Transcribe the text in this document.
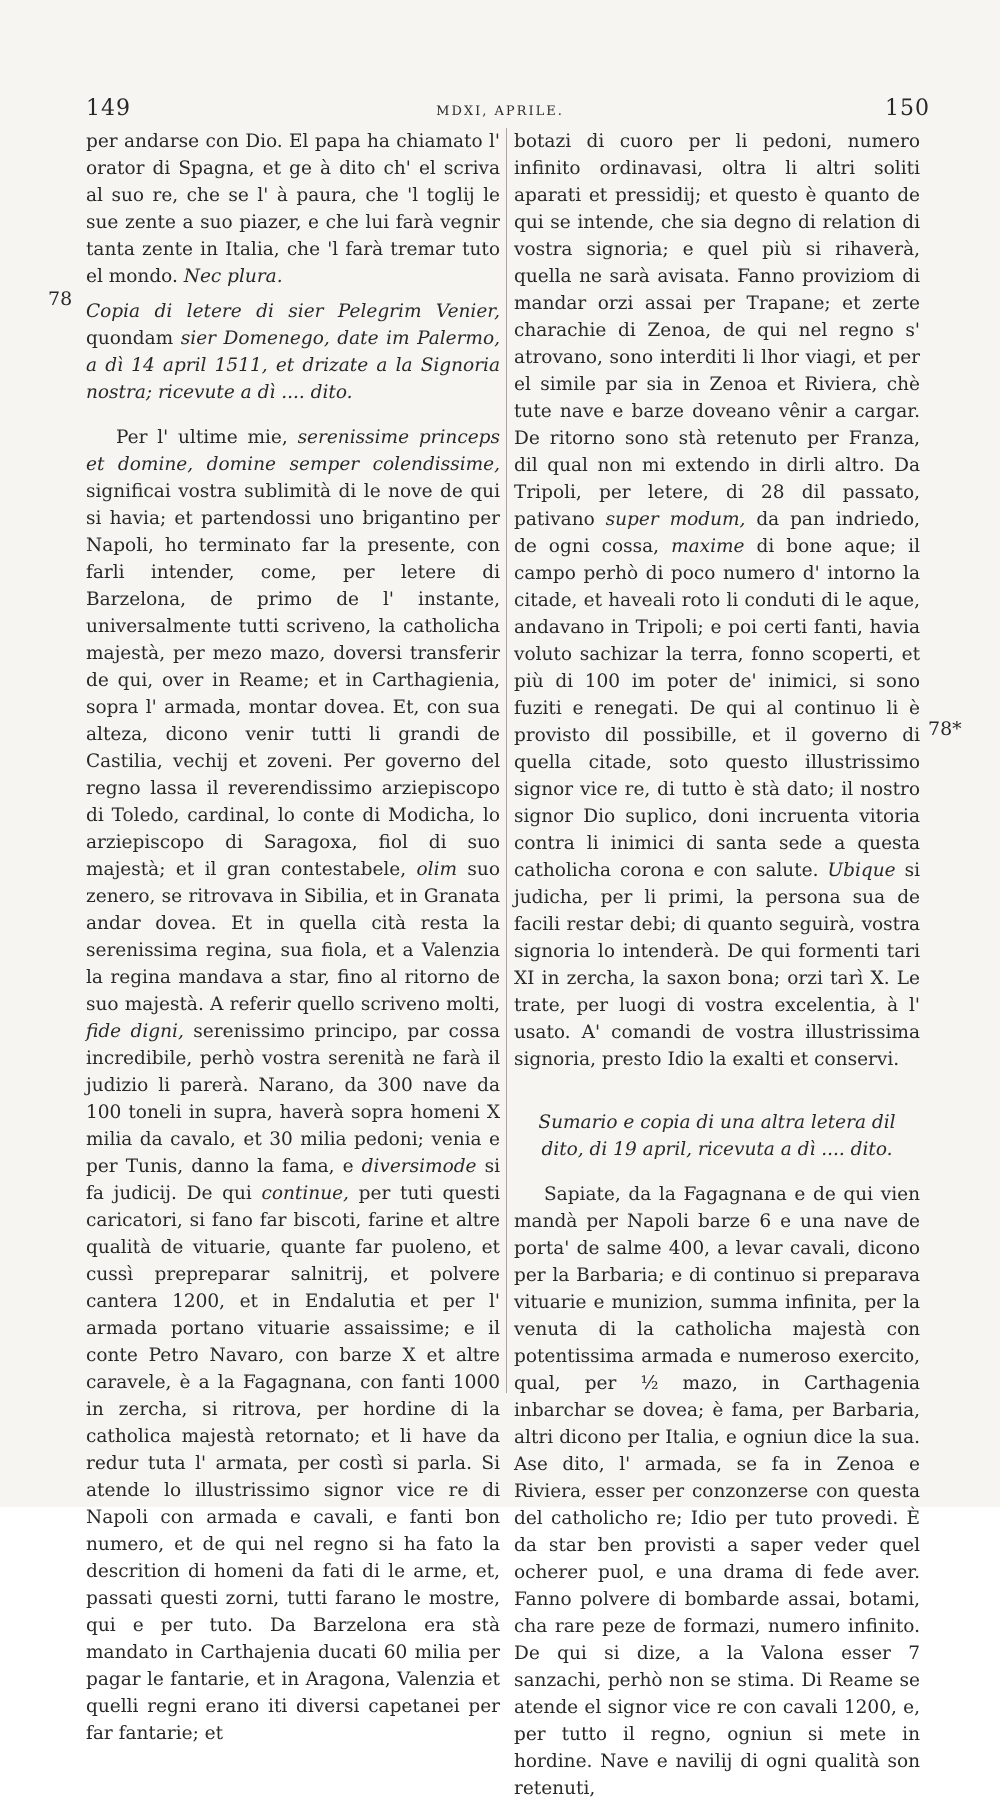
149	MDXI, APRILE.	150
78
78*

per andarse con Dio. El papa ha chiamato l' orator di Spagna, et ge à dito ch' el scriva al suo re, che se l' à paura, che 'l toglij le sue zente a suo piazer, e che lui farà vegnir tanta zente in Italia, che 'l farà tremar tuto el mondo. Nec plura.

Copia di letere di sier Pelegrim Venier, quondam sier Domenego, date im Palermo, a dì 14 april 1511, et drizate a la Signoria nostra; ricevute a dì .... dito.

Per l' ultime mie, serenissime princeps et domine, domine semper colendissime, significai vostra sublimità di le nove de qui si havia; et partendossi uno brigantino per Napoli, ho terminato far la presente, con farli intender, come, per letere di Barzelona, de primo de l' instante, universalmente tutti scriveno, la catholicha majestà, per mezo mazo, doversi transferir de qui, over in Reame; et in Carthagienia, sopra l' armada, montar dovea. Et, con sua alteza, dicono venir tutti li grandi de Castilia, vechij et zoveni. Per governo del regno lassa il reverendissimo arziepiscopo di Toledo, cardinal, lo conte di Modicha, lo arziepiscopo di Saragoxa, fiol di suo majestà; et il gran contestabele, olim suo zenero, se ritrovava in Sibilia, et in Granata andar dovea. Et in quella cità resta la serenissima regina, sua fiola, et a Valenzia la regina mandava a star, fino al ritorno de suo majestà. A referir quello scriveno molti, fide digni, serenissimo principo, par cossa incredibile, perhò vostra serenità ne farà il judizio li parerà. Narano, da 300 nave da 100 toneli in supra, haverà sopra homeni X milia da cavalo, et 30 milia pedoni; venia e per Tunis, danno la fama, e diversimode si fa judicij. De qui continue, per tuti questi caricatori, si fano far biscoti, farine et altre qualità de vituarie, quante far puoleno, et cussì prepreparar salnitrij, et polvere cantera 1200, et in Endalutia et per l' armada portano vituarie assaissime; e il conte Petro Navaro, con barze X et altre caravele, è a la Fagagnana, con fanti 1000 in zercha, si ritrova, per hordine di la catholica majestà retornato; et li have da redur tuta l' armata, per costì si parla. Si atende lo illustrissimo signor vice re di Napoli con armada e cavali, e fanti bon numero, et de qui nel regno si ha fato la descrition di homeni da fati di le arme, et, passati questi zorni, tutti farano le mostre, qui e per tuto. Da Barzelona era stà mandato in Carthajenia ducati 60 milia per pagar le fantarie, et in Aragona, Valenzia et quelli regni erano iti diversi capetanei per far fantarie; et

botazi di cuoro per li pedoni, numero infinito ordinavasi, oltra li altri soliti aparati et pressidij; et questo è quanto de qui se intende, che sia degno di relation di vostra signoria; e quel più si rihaverà, quella ne sarà avisata. Fanno proviziom di mandar orzi assai per Trapane; et zerte charachie di Zenoa, de qui nel regno s' atrovano, sono interditi li lhor viagi, et per el simile par sia in Zenoa et Riviera, chè tute nave e barze doveano vênir a cargar. De ritorno sono stà retenuto per Franza, dil qual non mi extendo in dirli altro. Da Tripoli, per letere, di 28 dil passato, pativano super modum, da pan indriedo, de ogni cossa, maxime di bone aque; il campo perhò di poco numero d' intorno la citade, et haveali roto li conduti di le aque, andavano in Tripoli; e poi certi fanti, havia voluto sachizar la terra, fonno scoperti, et più di 100 im poter de' inimici, si sono fuziti e renegati. De qui al continuo li è provisto dil possibille, et il governo di quella citade, soto questo illustrissimo signor vice re, di tutto è stà dato; il nostro signor Dio suplico, doni incruenta vitoria contra li inimici di santa sede a questa catholicha corona e con salute. Ubique si judicha, per li primi, la persona sua de facili restar debi; di quanto seguirà, vostra signoria lo intenderà. De qui formenti tari XI in zercha, la saxon bona; orzi tarì X. Le trate, per luogi di vostra excelentia, à l' usato. A' comandi de vostra illustrissima signoria, presto Idio la exalti et conservi.

Sumario e copia di una altra letera dil dito, di 19 april, ricevuta a dì .... dito.

Sapiate, da la Fagagnana e de qui vien mandà per Napoli barze 6 e una nave de porta' de salme 400, a levar cavali, dicono per la Barbaria; e di continuo si preparava vituarie e munizion, summa infinita, per la venuta di la catholicha majestà con potentissima armada e numeroso exercito, qual, per ½ mazo, in Carthagenia inbarchar se dovea; è fama, per Barbaria, altri dicono per Italia, e ogniun dice la sua. Ase dito, l' armada, se fa in Zenoa e Riviera, esser per conzonzerse con questa del catholicho re; Idio per tuto provedi. È da star ben provisti a saper veder quel ocherer puol, e una drama di fede aver. Fanno polvere di bombarde assai, botami, cha rare peze de formazi, numero infinito. De qui si dize, a la Valona esser 7 sanzachi, perhò non se stima. Di Reame se atende el signor vice re con cavali 1200, e, per tutto il regno, ogniun si mete in hordine. Nave e navilij di ogni qualità son retenuti,
